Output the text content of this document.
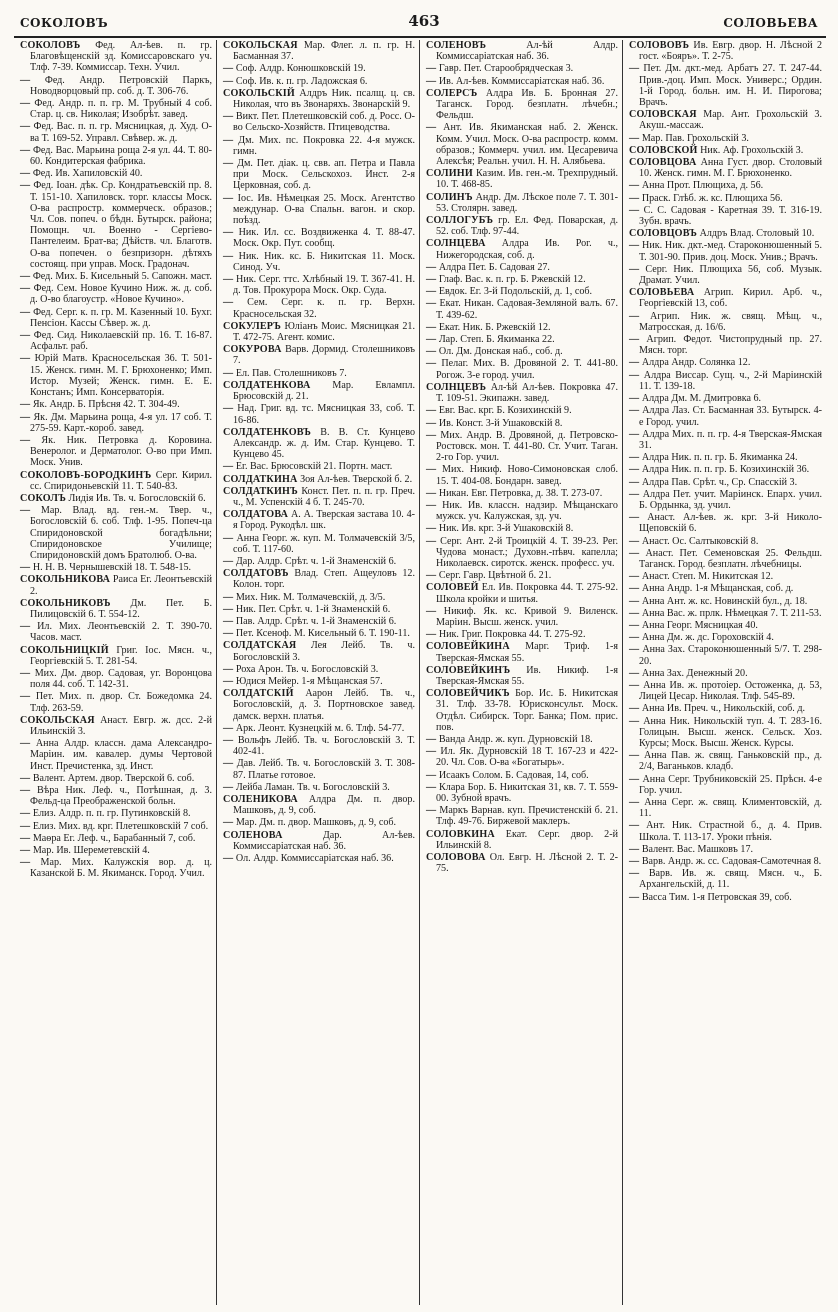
СОКОЛОВЪ	463	СОЛОВЬЕВА

СОКОЛОВЪ Фед. Ал-ѣев. п. гр. Благовѣщенскій зд. Комиссаровскаго уч. Тлф. 7-39. Коммиссар. Техн. Учил.

— Фед. Андр. Петровскій Паркъ, Новодворцовый пр. соб. д. Т. 306-76.

— Фед. Андр. п. п. гр. М. Трубный 4 соб. Стар. ц. св. Николая; Изобрѣт. завед.

— Фед. Вас. п. п. гр. Мясницкая, д. Худ. О-ва Т. 169-52. Управл. Свѣвер. ж. д.

— Фед. Вас. Марьина роща 2-я ул. 44. Т. 80-60. Кондитерская фабрика.

— Фед. Ив. Хапиловскій 40.

— Фед. Іоан. дѣк. Ср. Кондратьевскій пр. 8. Т. 151-10. Хапиловск. торг. классы Моск. О-ва распростр. коммерческ. образов.; Чл. Сов. попеч. о бѣдн. Бутырск. района; Помощн. чл. Военно - Сергіево-Пантелеим. Брат-ва; Дѣйств. чл. Благотв. О-ва попечен. о безпризорн. дѣтяхъ состоящ. при управ. Моск. Градонач.

— Фед. Мих. Б. Кисельный 5. Сапожн. маст.

— Фед. Сем. Новое Кучино Ниж. ж. д. соб. д. О-во благоустр. «Новое Кучино».

— Фед. Серг. к. п. гр. М. Казенный 10. Бухг. Пенсіон. Кассы Сѣвер. ж. д.

— Фед. Сид. Николаевскій пр. 16. Т. 16-87. Асфальт. раб.

— Юрій Матв. Красносельская 36. Т. 501-15. Женск. гимн. М. Г. Брюхоненко; Имп. Истор. Музей; Женск. гимн. Е. Е. Констанъ; Имп. Консерваторія.

— Як. Андр. Б. Прѣсня 42. Т. 304-49.

— Як. Дм. Марьина роща, 4-я ул. 17 соб. Т. 275-59. Карт.-короб. завед.

— Як. Ник. Петровка д. Коровина. Венеролог. и Дерматолог. О-во при Имп. Моск. Унив.

СОКОЛОВЪ-БОРОДКИНЪ Серг. Кирил. сс. Спиридоньевскій 11. Т. 540-83.

СОКОЛЪ Лидія Ив. Тв. ч. Богословскій 6.

— Мар. Влад. вд. ген.-м. Твер. ч., Богословскій 6. соб. Тлф. 1-95. Попеч-ца Спиридоновской богадѣльни; Спиридоновское Училище; Спиридоновскій домъ Братолюб. О-ва.

— Н. Н. В. Чернышевскій 18. Т. 548-15.

СОКОЛЬНИКОВА Раиса Ег. Леонтьевскій 2.

СОКОЛЬНИКОВЪ Дм. Пет. Б. Пилицовскій 6. Т. 554-12.

— Ил. Мих. Леонтьевскій 2. Т. 390-70. Часов. маст.

СОКОЛЬНИЦКІЙ Григ. Іос. Мясн. ч., Георгіевскій 5. Т. 281-54.

— Мих. Дм. двор. Садовая, уг. Воронцова поля 44. соб. Т. 142-31.

— Пет. Мих. п. двор. Ст. Божедомка 24. Тлф. 263-59.

СОКОЛЬСКАЯ Анаст. Евгр. ж. дсс. 2-й Ильинскій 3.

— Анна Алдр. классн. дама Александро-Маріин. им. кавалер. думы Чертовой Инст. Пречистенка, зд. Инст.

— Валент. Артем. двор. Тверской 6. соб.

— Вѣра Ник. Леф. ч., Потѣшная, д. 3. Фельд-ца Преображенской больн.

— Елиз. Алдр. п. п. гр. Путинковскій 8.

— Елиз. Мих. вд. крг. Плетешковскій 7 соб.

— Маѳра Ег. Леф. ч., Барабанный 7, соб.

— Мар. Ив. Шереметевскій 4.

— Мар. Мих. Калужскія вор. д. ц. Казанской Б. М. Якиманск. Город. Учил.

СОКОЛЬСКАЯ Мар. Флег. л. п. гр. Н. Басманная 37.

— Соф. Алдр. Конюшковскій 19.

— Соф. Ив. к. п. гр. Ладожская 6.

СОКОЛЬСКІЙ Алдръ Ник. псалщ. ц. св. Николая, что въ Звонаряхъ. Звонарскій 9.

— Викт. Пет. Плетешковскій соб. д. Росс. О-во Сельско-Хозяйств. Птицеводства.

— Дм. Мих. пс. Покровка 22. 4-я мужск. гимн.

— Дм. Пет. діак. ц. свв. ап. Петра и Павла при Моск. Сельскохоз. Инст. 2-я Церковная, соб. д.

— Іос. Ив. Нѣмецкая 25. Моск. Агентство междунар. О-ва Спальн. вагон. и скор. поѣзд.

— Ник. Ил. сс. Воздвиженка 4. Т. 88-47. Моск. Окр. Пут. сообщ.

— Ник. Ник. кс. Б. Никитская 11. Моск. Синод. Уч.

— Ник. Серг. ттс. Хлѣбный 19. Т. 367-41. Н. д. Тов. Прокурора Моск. Окр. Суда.

— Сем. Серг. к. п. гр. Верхн. Красносельская 32.

СОКУЛЕРЪ Юліанъ Моис. Мясницкая 21. Т. 472-75. Агент. комис.

СОКУРОВА Варв. Дормид. Столешниковъ 7.

— Ел. Пав. Столешниковъ 7.

СОЛДАТЕНКОВА Мар. Евлампл. Брюсовскій д. 21.

— Над. Григ. вд. тс. Мясницкая 33, соб. Т. 16-86.

СОЛДАТЕНКОВЪ В. В. Ст. Кунцево Александр. ж. д. Им. Стар. Кунцево. Т. Кунцево 45.

— Ег. Вас. Брюсовскій 21. Портн. маст.

СОЛДАТКИНА Зоя Ал-ѣев. Тверской б. 2.

СОЛДАТКИНЪ Конст. Пет. п. п. гр. Преч. ч., М. Успенскій 4 б. Т. 245-70.

СОЛДАТОВА А. А. Тверская застава 10. 4-я Город. Рукодѣл. шк.

— Анна Георг. ж. куп. М. Толмачевскій 3/5, соб. Т. 117-60.

— Дар. Алдр. Срѣт. ч. 1-й Знаменскій 6.

СОЛДАТОВЪ Влад. Степ. Ащеуловъ 12. Колон. торг.

— Мих. Ник. М. Толмачевскій, д. 3/5.

— Ник. Пет. Срѣт. ч. 1-й Знаменскій 6.

— Пав. Алдр. Срѣт. ч. 1-й Знаменскій 6.

— Пет. Ксеноф. М. Кисельный 6. Т. 190-11.

СОЛДАТСКАЯ Лея Лейб. Тв. ч. Богословскій 3.

— Роха Арон. Тв. ч. Богословскій 3.

— Юдися Мейер. 1-я Мѣщанская 57.

СОЛДАТСКІЙ Аарон Лейб. Тв. ч., Богословскій, д. 3. Портновское завед. дамск. верхн. платья.

— Арк. Леонт. Кузнецкій м. 6. Тлф. 54-77.

— Вольфъ Лейб. Тв. ч. Богословскій 3. Т. 402-41.

— Дав. Лейб. Тв. ч. Богословскій 3. Т. 308-87. Платье готовое.

— Лейба Ламан. Тв. ч. Богословскій 3.

СОЛЕНИКОВА Алдра Дм. п. двор. Машковъ, д. 9, соб.

— Мар. Дм. п. двор. Машковъ, д. 9, соб.

СОЛЕНОВА	Дар. Ал-ѣев. Коммиссаріатская наб. 36.

— Ол. Алдр. Коммиссаріатская наб. 36.

СОЛЕНОВЪ	Ал-ѣй Алдр. Коммиссаріатская наб. 36.

— Гавр. Пет. Старообрядческая 3.

— Ив. Ал-ѣев. Коммиссаріатская наб. 36.

СОЛЕРСЪ Алдра Ив. Б. Бронная 27. Таганск. Город. безплатн. лѣчебн.; Фельдш.

— Ант. Ив. Якиманская наб. 2. Женск. Комм. Учил. Моск. О-ва распростр. комм. образов.; Коммерч. учил. им. Цесаревича Алексѣя; Реальн. учил. Н. Н. Алябьева.

СОЛИНИ Казим. Ив. ген.-м. Трехпрудный. 10. Т. 468-85.

СОЛИНЪ Андр. Дм. Лѣское поле 7. Т. 301-53. Столярн. завед.

СОЛЛОГУБЪ гр. Ел. Фед. Поварская, д. 52. соб. Тлф. 97-44.

СОЛНЦЕВА Алдра Ив. Рог. ч., Нижегородская, соб. д.

— Алдра Пет. Б. Садовая 27.

— Глаф. Вас. к. п. гр. Б. Ржевскій 12.

— Евдок. Ег. 3-й Подольскій, д. 1, соб.

— Екат. Никан. Садовая-Земляной валъ. 67. Т. 439-62.

— Екат. Ник. Б. Ржевскій 12.

— Лар. Степ. Б. Якиманка 22.

— Ол. Дм. Донская наб., соб. д.

— Пелаг. Мих. В. Дровяной 2. Т. 441-80. Рогож. 3-е город. учил.

СОЛНЦЕВЪ Ал-ѣй Ал-ѣев. Покровка 47. Т. 109-51. Экипажн. завед.

— Евг. Вас. крг. Б. Козихинскій 9.

— Ив. Конст. 3-й Ушаковскій 8.

— Мих. Андр. В. Дровяной, д. Петровско-Ростовск. мон. Т. 441-80. Ст. Учит. Таган. 2-го Гор. учил.

— Мих. Никиф. Ново-Симоновская слоб. 15. Т. 404-08. Бондарн. завед.

— Никан. Евг. Петровка, д. 38. Т. 273-07.

— Ник. Ив. классн. надзир. Мѣщанскаго мужск. уч. Калужская, зд. уч.

— Ник. Ив. крг. 3-й Ушаковскій 8.

— Серг. Ант. 2-й Троицкій 4. Т. 39-23. Рег. Чудова монаст.; Духовн.-пѣвч. капелла; Николаевск. сиротск. женск. професс. уч.

— Серг. Гавр. Цвѣтной б. 21.

СОЛОВЕЙ Ел. Ив. Покровка 44. Т. 275-92. Школа кройки и шитья.

— Никиф. Як. кс. Кривой 9. Виленск. Маріин. Высш. женск. учил.

— Ник. Григ. Покровка 44. Т. 275-92.

СОЛОВЕЙКИНА Марг. Триф. 1-я Тверская-Ямская 55.

СОЛОВЕЙКИНЪ Ив. Никиф. 1-я Тверская-Ямская 55.

СОЛОВЕЙЧИКЪ Бор. Ис. Б. Никитская 31. Тлф. 33-78. Юрисконсульт. Моск. Отдѣл. Сибирск. Торг. Банка; Пом. прис. пов.

— Ванда Андр. ж. куп. Дурновскій 18.

— Ил. Як. Дурновскій 18 Т. 167-23 и 422-20. Чл. Сов. О-ва «Богатырь».

— Исаакъ Солом. Б. Садовая, 14, соб.

— Клара Бор. Б. Никитская 31, кв. 7. Т. 559-00. Зубной врачъ.

— Маркъ Варнав. куп. Пречистенскій б. 21. Тлф. 49-76. Биржевой маклеръ.

СОЛОВКИНА Екат. Серг. двор. 2-й Ильинскій 8.

СОЛОВОВА Ол. Евгр. Н. Лѣсной 2. Т. 2-75.

СОЛОВОВЪ Ив. Евгр. двор. Н. Лѣсной 2 гост. «Бояръ». Т. 2-75.

— Пет. Дм. дкт.-мед. Арбатъ 27. Т. 247-44. Прив.-доц. Имп. Моск. Универс.; Ордин. 1-й Город. больн. им. Н. И. Пирогова; Врачъ.

СОЛОВСКАЯ Мар. Ант. Грохольскій 3. Акуш.-массаж.

— Мар. Пав. Грохольскій 3.

СОЛОВСКОЙ Ник. Аф. Грохольскій 3.

СОЛОВЦОВА Анна Густ. двор. Столовый 10. Женск. гимн. М. Г. Брюхоненко.

— Анна Прот. Плющиха, д. 56.

— Праск. Глѣб. ж. кс. Плющиха 56.

— С. С. Садовая - Каретная 39. Т. 316-19. Зубн. врачъ.

СОЛОВЦОВЪ Алдръ Влад. Столовый 10.

— Ник. Ник. дкт.-мед. Староконюшенный 5. Т. 301-90. Прив. доц. Моск. Унив.; Врачъ.

— Серг. Ник. Плющиха 56, соб. Музык. Драмат. Учил.

СОЛОВЬЕВА Агрип. Кирил. Арб. ч., Георгіевскій 13, соб.

— Агрип. Ник. ж. свящ. Мѣщ. ч., Матросская, д. 16/6.

— Агрип. Федот. Чистопрудный пр. 27. Мясн. торг.

— Алдра Андр. Солянка 12.

— Алдра Виссар. Сущ. ч., 2-й Маріинскій 11. Т. 139-18.

— Алдра Дм. М. Дмитровка 6.

— Алдра Лаз. Ст. Басманная 33. Бутырск. 4-е Город. учил.

— Алдра Мих. п. п. гр. 4-я Тверская-Ямская 31.

— Алдра Ник. п. п. гр. Б. Якиманка 24.

— Алдра Ник. п. п. гр. Б. Козихинскій 36.

— Алдра Пав. Срѣт. ч., Ср. Спасскій 3.

— Алдра Пет. учит. Маріинск. Епарх. учил. Б. Ордынка, зд. учил.

— Анаст. Ал-ѣев. ж. крг. 3-й Николо-Щеповскій 6.

— Анаст. Ос. Салтыковскій 8.

— Анаст. Пет. Семеновская 25. Фельдш. Таганск. Город. безплатн. лѣчебницы.

— Анаст. Степ. М. Никитская 12.

— Анна Андр. 1-я Мѣщанская, соб. д.

— Анна Ант. ж. кс. Новинскій бул., д. 18.

— Анна Вас. ж. прлк. Нѣмецкая 7. Т. 211-53.

— Анна Георг. Мясницкая 40.

— Анна Дм. ж. дс. Гороховскій 4.

— Анна Зах. Староконюшенный 5/7. Т. 298-20.

— Анна Зах. Денежный 20.

— Анна Ив. ж. протоіер. Остоженка, д. 53, Лицей Цесар. Николая. Тлф. 545-89.

— Анна Ив. Преч. ч., Никольскій, соб. д.

— Анна Ник. Никольскій туп. 4. Т. 283-16. Голицын. Высш. женск. Сельск. Хоз. Курсы; Моск. Высш. Женск. Курсы.

— Анна Пав. ж. свящ. Ганьковскій пр., д. 2/4, Ваганьков. кладб.

— Анна Серг. Трубниковскій 25. Прѣсн. 4-е Гор. учил.

— Анна Серг. ж. свящ. Климентовскій, д. 11.

— Ант. Ник. Страстной б., д. 4. Прив. Школа. Т. 113-17. Уроки пѣнія.

— Валент. Вас. Машковъ 17.

— Варв. Андр. ж. сс. Садовая-Самотечная 8.

— Варв. Ив. ж. свящ. Мясн. ч., Б. Архангельскій, д. 11.

— Васса Тим. 1-я Петровская 39, соб.
